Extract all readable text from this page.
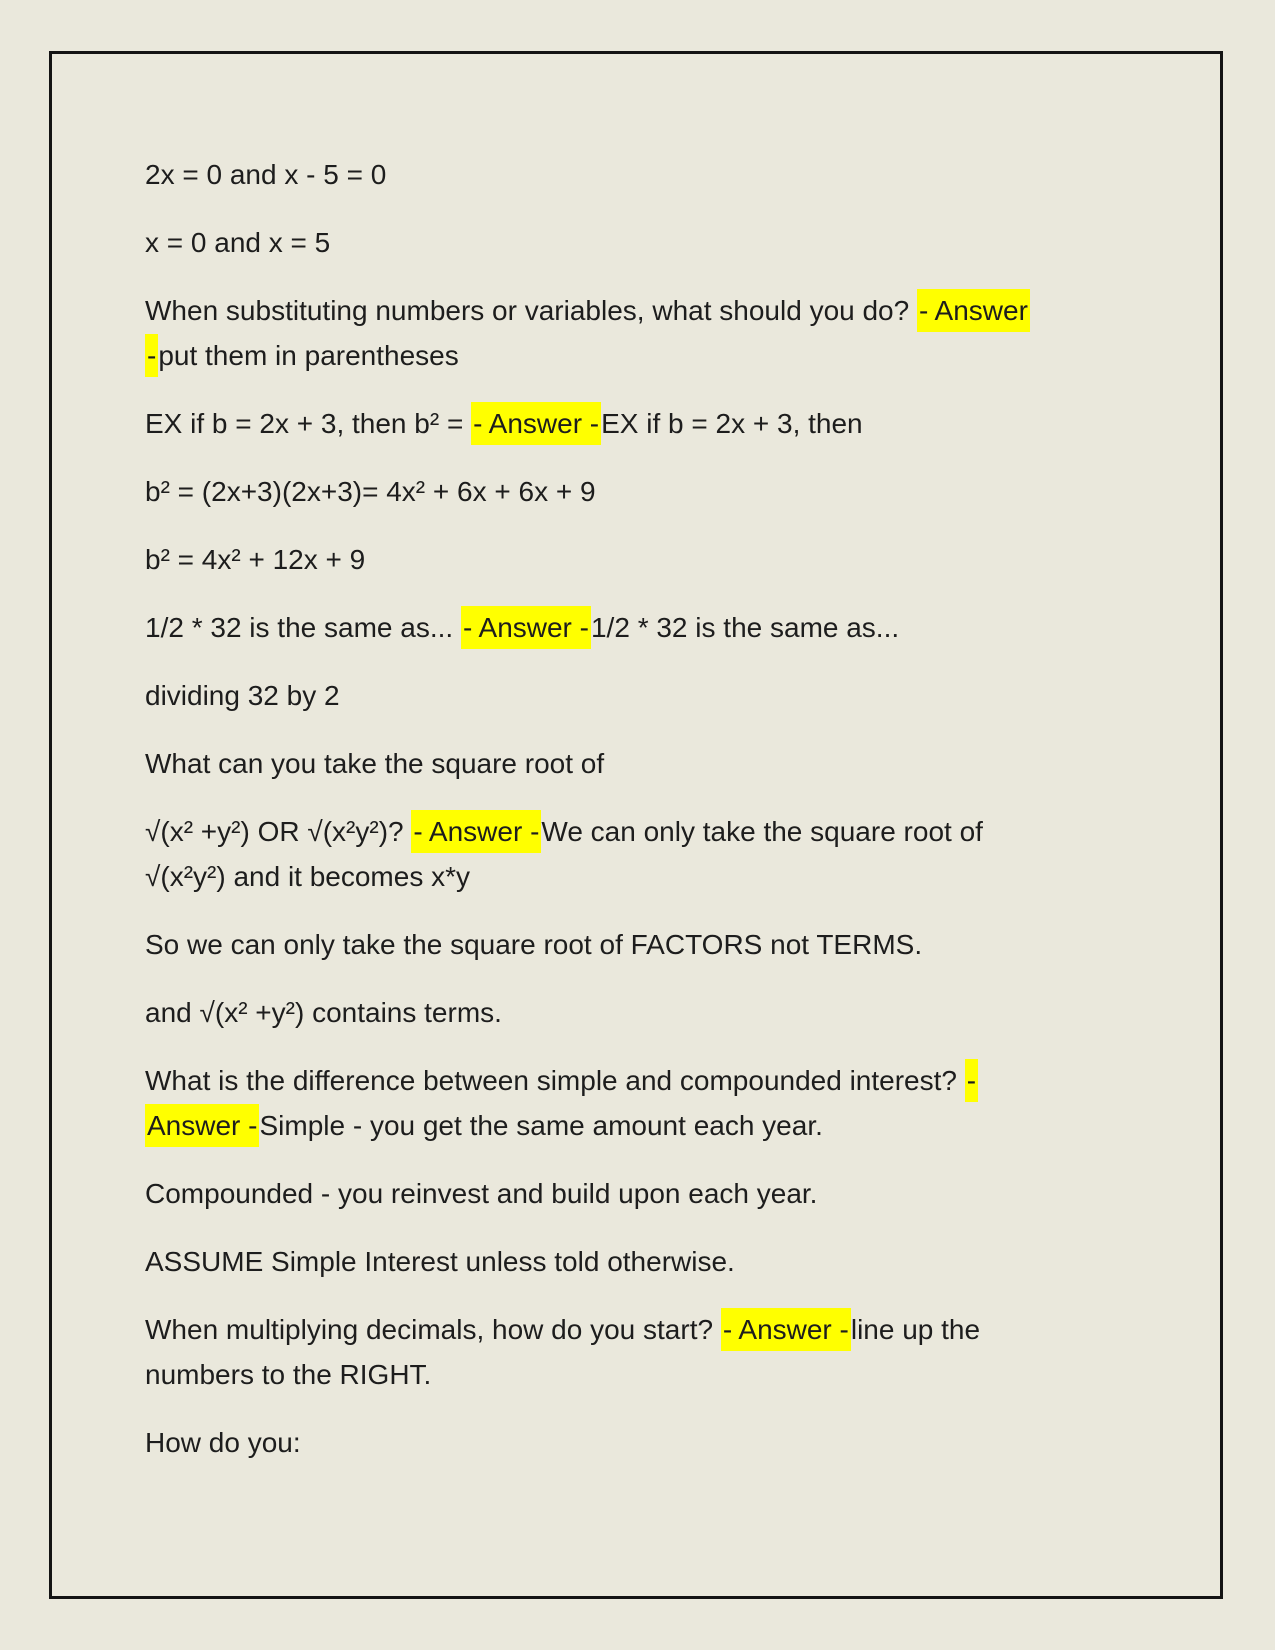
2x = 0 and x - 5 = 0
x = 0 and x = 5
When substituting numbers or variables, what should you do? - Answer
-put them in parentheses
EX if b = 2x + 3, then b² = - Answer -EX if b = 2x + 3, then
b² = (2x+3)(2x+3)= 4x² + 6x + 6x + 9
b² = 4x² + 12x + 9
1/2 * 32 is the same as... - Answer -1/2 * 32 is the same as...
dividing 32 by 2
What can you take the square root of
√(x² +y²) OR √(x²y²)? - Answer -We can only take the square root of
√(x²y²) and it becomes x*y
So we can only take the square root of FACTORS not TERMS.
and √(x² +y²) contains terms.
What is the difference between simple and compounded interest? -
Answer -Simple - you get the same amount each year.
Compounded - you reinvest and build upon each year.
ASSUME Simple Interest unless told otherwise.
When multiplying decimals, how do you start? - Answer -line up the
numbers to the RIGHT.
How do you:
